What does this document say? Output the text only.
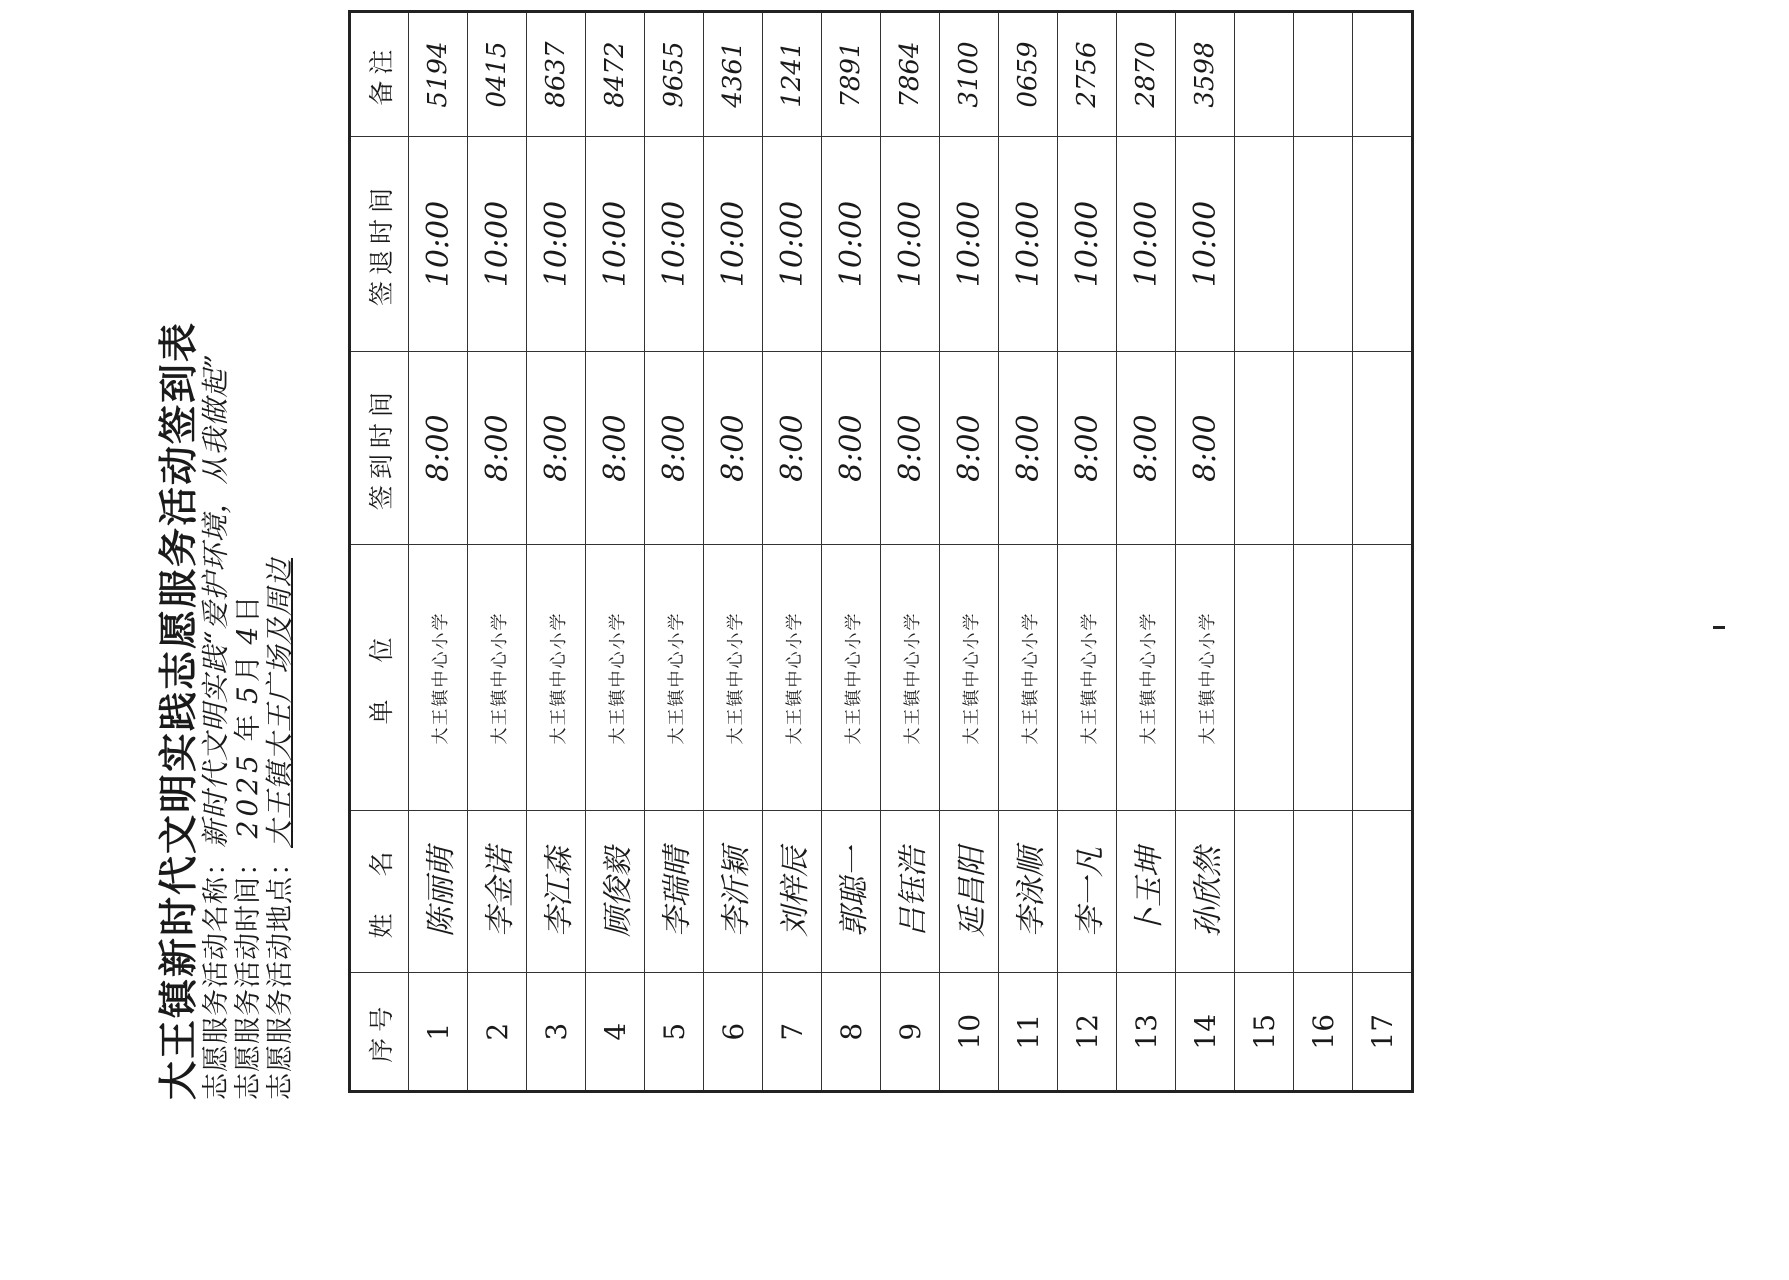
大王镇新时代文明实践志愿服务活动签到表 志愿服务活动名称：新时代文明实践“爱护环境，从我做起”
志愿服务活动时间： 2025 年 5月 4日
志愿服务活动地点：大王镇大王广场及周边
序号	姓　名	单　位	签到时间	签退时间	备注
1	陈丽萌	大王镇中心小学	8:00	10:00	5194
2	李金诺	大王镇中心小学	8:00	10:00	0415
3	李江森	大王镇中心小学	8:00	10:00	8637
4	顾俊毅	大王镇中心小学	8:00	10:00	8472
5	李瑞晴	大王镇中心小学	8:00	10:00	9655
6	李沂颖	大王镇中心小学	8:00	10:00	4361
7	刘梓辰	大王镇中心小学	8:00	10:00	1241
8	郭聪一	大王镇中心小学	8:00	10:00	7891
9	吕钰浩	大王镇中心小学	8:00	10:00	7864
10	延昌阳	大王镇中心小学	8:00	10:00	3100
11	李泳顺	大王镇中心小学	8:00	10:00	0659
12	李一凡	大王镇中心小学	8:00	10:00	2756
13	卜玉坤	大王镇中心小学	8:00	10:00	2870
14	孙欣然	大王镇中心小学	8:00	10:00	3598
15					
16					
17					
